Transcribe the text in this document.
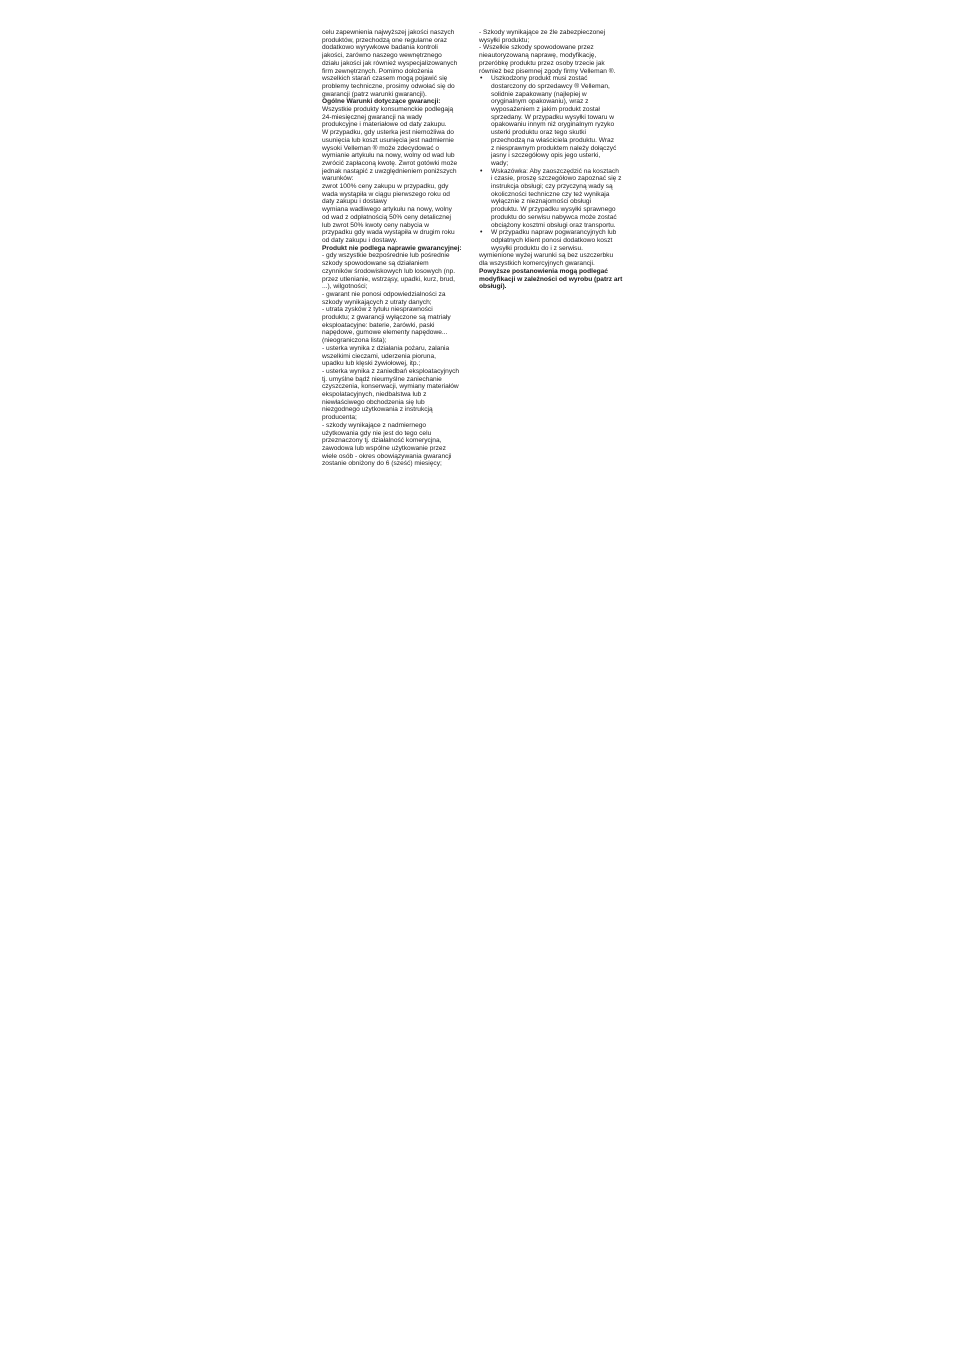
celu zapewnienia najwyższej jakości naszych
produktów, przechodzą one regularne oraz
dodatkowo wyrywkowe badania kontroli
jakości, zarówno naszego wewnętrznego
działu jakości jak również wyspecjalizowanych
firm zewnętrznych. Pomimo dołożenia
wszelkich starań czasem mogą pojawić się
problemy techniczne, prosimy odwołać się do
gwarancji (patrz warunki gwarancji).
Ogólne Warunki dotyczące gwarancji:
Wszystkie produkty konsumenckie podlegają
24-miesięcznej gwarancji na wady
produkcyjne i materiałowe od daty zakupu.
W przypadku, gdy usterka jest niemożliwa do
usunięcia lub koszt usunięcia jest nadmiernie
wysoki Velleman ® może zdecydować o
wymianie artykułu na nowy, wolny od wad lub
zwrócić zapłaconą kwotę. Zwrot gotówki może
jednak nastąpić z uwzględnieniem poniższych
warunków:
zwrot 100% ceny zakupu w przypadku, gdy
wada wystąpiła w ciągu pierwszego roku od
daty zakupu i dostawy
wymiana wadliwego artykułu na nowy, wolny
od wad z odpłatnością 50% ceny detalicznej
lub zwrot 50% kwoty ceny nabycia w
przypadku gdy wada wystąpiła w drugim roku
od daty zakupu i dostawy.
Produkt nie podlega naprawie gwarancyjnej:
- gdy wszystkie bezpośrednie lub pośrednie
szkody spowodowane są działaniem
czynników środowiskowych lub losowych (np.
przez utlenianie, wstrząsy, upadki, kurz, brud,
...), wilgotności;
- gwarant nie ponosi odpowiedzialności za
szkody wynikających z utraty danych;
- utrata zysków z tytułu niesprawności
produktu; z gwarancji wyłączone są matriały
eksploatacyjne: baterie, żarówki, paski
napędowe, gumowe elementy napędowe...
(nieograniczona lista);
- usterka wynika z działania pożaru, zalania
wszelkimi cieczami, uderzenia pioruna,
upadku lub klęski żywiołowej, itp.;
- usterka wynika z zaniedbań eksploatacyjnych
tj. umyślne bądź nieumyślne zaniechanie
czyszczenia, konserwacji, wymiany materiałów
ekspolatacyjnych, niedbalstwa lub z
niewłaściwego obchodzenia się lub
niezgodnego użytkowania z instrukcją
producenta;
- szkody wynikające z nadmiernego
użytkowania gdy nie jest do tego celu
przeznaczony tj. działalność komerycjna,
zawodowa lub wspólne użytkowanie przez
wiele osób - okres obowiązywania gwarancji
zostanie obniżony do 6 (sześć) miesięcy;
- Szkody wynikające ze źle zabezpieczonej
wysyłki produktu;
- Wszelkie szkody spowodowane przez
nieautoryzowaną naprawę, modyfikację,
przeróbkę produktu przez osoby trzecie jak
również bez pisemnej zgody firmy Velleman ®.
• Uszkodzony produkt musi zostać
dostarczony do sprzedawcy ® Velleman,
solidnie zapakowany (najlepiej w
oryginalnym opakowaniu), wraz z
wyposażeniem z jakim produkt został
sprzedany. W przypadku wysyłki towaru w
opakowaniu innym niż oryginalnym ryzyko
usterki produktu oraz tego skutki
przechodzą na właściciela produktu. Wraz
z niesprawnym produktem należy dołączyć
jasny i szczegółowy opis jego usterki,
wady;
• Wskazówka: Aby zaoszczędzić na kosztach
i czasie, proszę szczegółowo zapoznać się z
instrukcja obsługi; czy przyczyną wady są
okoliczności techniczne czy też wynikaja
wyłącznie z nieznajomości obsługi
produktu. W przypadku wysyłki sprawnego
produktu do serwisu nabywca może zostać
obciążony kosztmi obsługi oraz transportu.
• W przypadku napraw pogwarancyjnych lub
odpłatnych klient ponosi dodatkowo koszt
wysyłki produktu do i z serwisu.
wymienione wyżej warunki są bez uszczerbku
dla wszystkich komercyjnych gwarancji.
Powyższe postanowienia mogą podlegać
modyfikacji w zależności od wyrobu (patrz art
obsługi).
